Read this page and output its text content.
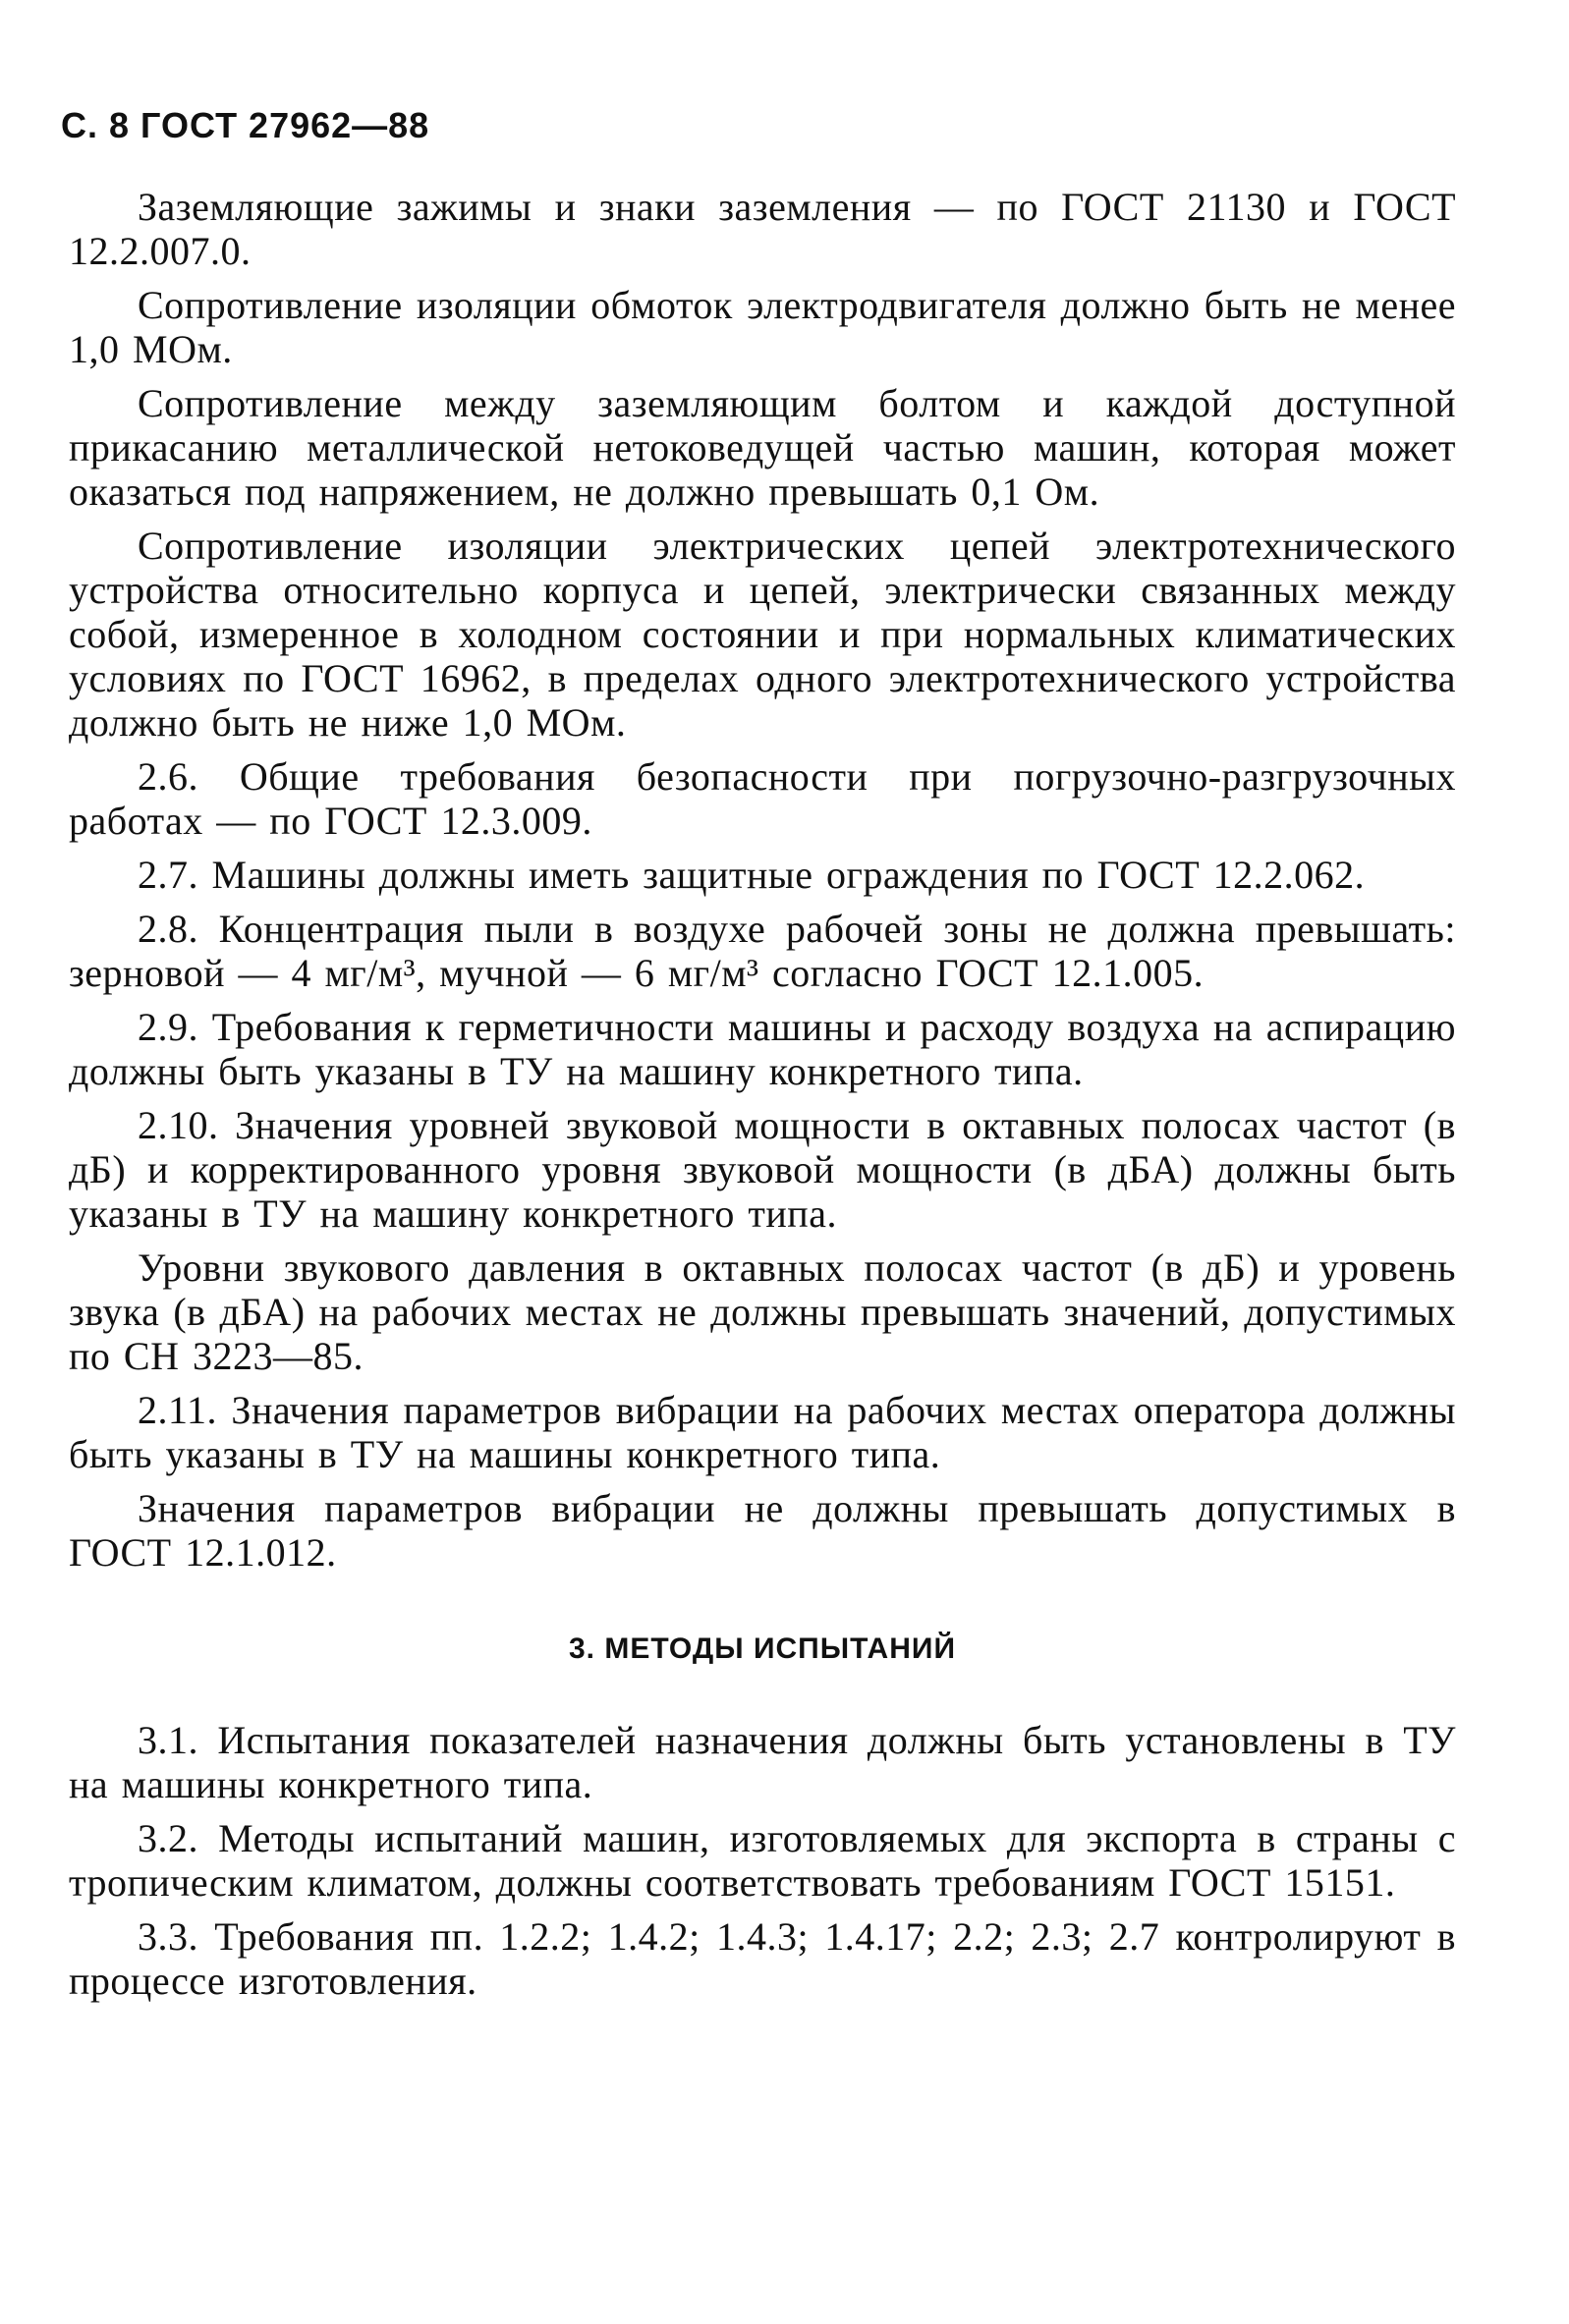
С. 8 ГОСТ 27962—88

Заземляющие зажимы и знаки заземления — по ГОСТ 21130 и ГОСТ 12.2.007.0.

Сопротивление изоляции обмоток электродвигателя должно быть не менее 1,0 МОм.

Сопротивление между заземляющим болтом и каждой доступной прикасанию металлической нетоковедущей частью машин, которая может оказаться под напряжением, не должно превышать 0,1 Ом.

Сопротивление изоляции электрических цепей электротехнического устройства относительно корпуса и цепей, электрически связанных между собой, измеренное в холодном состоянии и при нормальных климатических условиях по ГОСТ 16962, в пределах одного электротехнического устройства должно быть не ниже 1,0 МОм.

2.6. Общие требования безопасности при погрузочно-разгрузочных работах — по ГОСТ 12.3.009.

2.7. Машины должны иметь защитные ограждения по ГОСТ 12.2.062.

2.8. Концентрация пыли в воздухе рабочей зоны не должна превышать: зерновой — 4 мг/м³, мучной — 6 мг/м³ согласно ГОСТ 12.1.005.

2.9. Требования к герметичности машины и расходу воздуха на аспирацию должны быть указаны в ТУ на машину конкретного типа.

2.10. Значения уровней звуковой мощности в октавных полосах частот (в дБ) и корректированного уровня звуковой мощности (в дБА) должны быть указаны в ТУ на машину конкретного типа.

Уровни звукового давления в октавных полосах частот (в дБ) и уровень звука (в дБА) на рабочих местах не должны превышать значений, допустимых по СН 3223—85.

2.11. Значения параметров вибрации на рабочих местах оператора должны быть указаны в ТУ на машины конкретного типа.

Значения параметров вибрации не должны превышать допустимых в ГОСТ 12.1.012.

3. МЕТОДЫ ИСПЫТАНИЙ

3.1. Испытания показателей назначения должны быть установлены в ТУ на машины конкретного типа.

3.2. Методы испытаний машин, изготовляемых для экспорта в страны с тропическим климатом, должны соответствовать требованиям ГОСТ 15151.

3.3. Требования пп. 1.2.2; 1.4.2; 1.4.3; 1.4.17; 2.2; 2.3; 2.7 контролируют в процессе изготовления.
